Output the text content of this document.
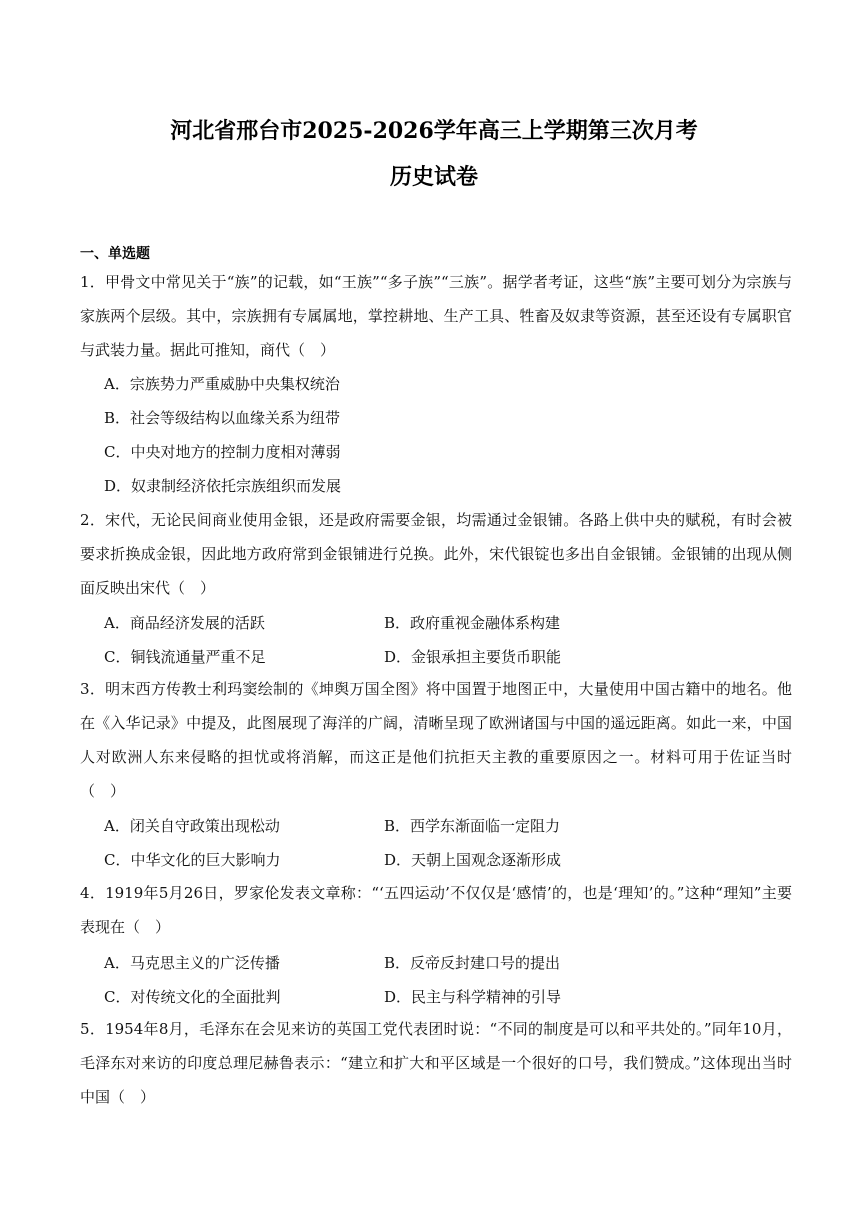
河北省邢台市2025-2026学年高三上学期第三次月考
历史试卷
一、单选题
1．甲骨文中常见关于“族”的记载，如“王族”“多子族”“三族”。据学者考证，这些“族”主要可划分为宗族与家族两个层级。其中，宗族拥有专属属地，掌控耕地、生产工具、牲畜及奴隶等资源，甚至还设有专属职官与武装力量。据此可推知，商代（　）
A．宗族势力严重威胁中央集权统治
B．社会等级结构以血缘关系为纽带
C．中央对地方的控制力度相对薄弱
D．奴隶制经济依托宗族组织而发展
2．宋代，无论民间商业使用金银，还是政府需要金银，均需通过金银铺。各路上供中央的赋税，有时会被要求折换成金银，因此地方政府常到金银铺进行兑换。此外，宋代银锭也多出自金银铺。金银铺的出现从侧面反映出宋代（　）
A．商品经济发展的活跃	B．政府重视金融体系构建
C．铜钱流通量严重不足	D．金银承担主要货币职能
3．明末西方传教士利玛窦绘制的《坤舆万国全图》将中国置于地图正中，大量使用中国古籍中的地名。他在《入华记录》中提及，此图展现了海洋的广阔，清晰呈现了欧洲诸国与中国的遥远距离。如此一来，中国人对欧洲人东来侵略的担忧或将消解，而这正是他们抗拒天主教的重要原因之一。材料可用于佐证当时（　）
A．闭关自守政策出现松动	B．西学东渐面临一定阻力
C．中华文化的巨大影响力	D．天朝上国观念逐渐形成
4．1919年5月26日，罗家伦发表文章称：“‘五四运动’不仅仅是‘感情’的，也是‘理知’的。”这种“理知”主要表现在（　）
A．马克思主义的广泛传播	B．反帝反封建口号的提出
C．对传统文化的全面批判	D．民主与科学精神的引导
5．1954年8月，毛泽东在会见来访的英国工党代表团时说：“不同的制度是可以和平共处的。”同年10月，毛泽东对来访的印度总理尼赫鲁表示：“建立和扩大和平区域是一个很好的口号，我们赞成。”这体现出当时中国（　）
